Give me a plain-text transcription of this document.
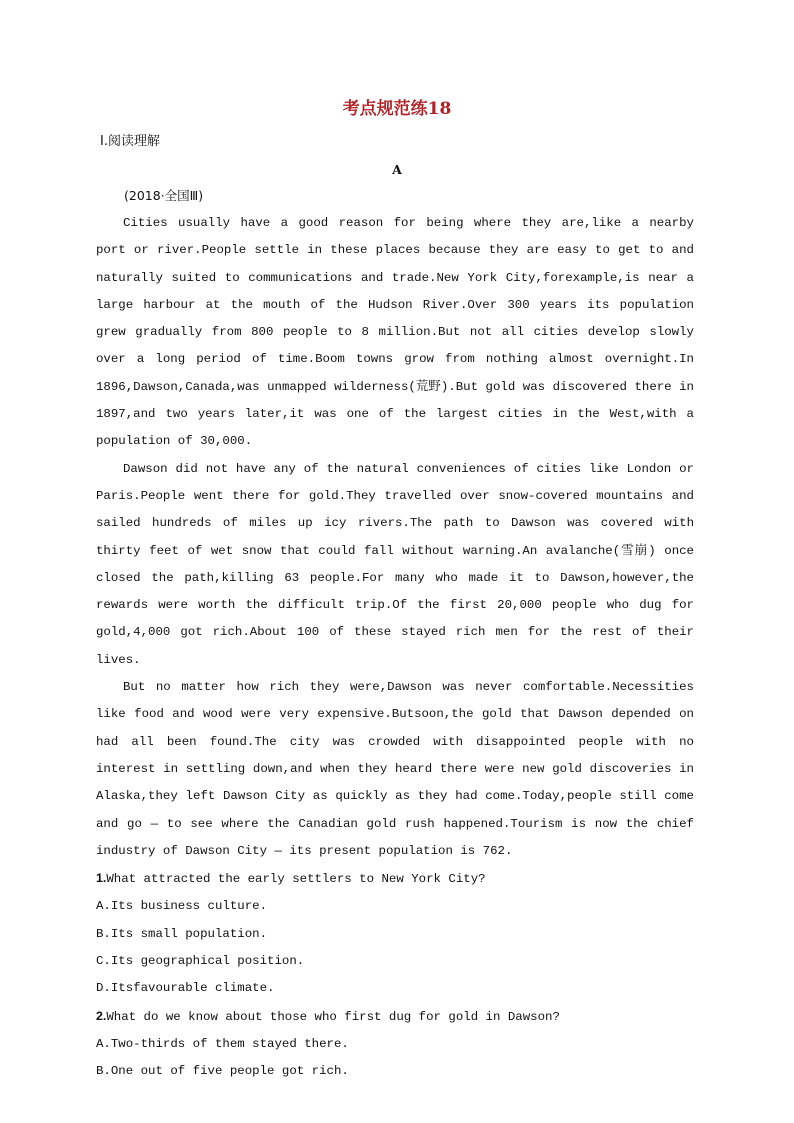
考点规范练18
Ⅰ.阅读理解
A
(2018·全国Ⅲ)

Cities usually have a good reason for being where they are,like a nearby port or river.People settle in these places because they are easy to get to and naturally suited to communications and trade.New York City,forexample,is near a large harbour at the mouth of the Hudson River.Over 300 years its population grew gradually from 800 people to 8 million.But not all cities develop slowly over a long period of time.Boom towns grow from nothing almost overnight.In 1896,Dawson,Canada,was unmapped wilderness(荒野).But gold was discovered there in 1897,and two years later,it was one of the largest cities in the West,with a population of 30,000.

Dawson did not have any of the natural conveniences of cities like London or Paris.People went there for gold.They travelled over snow-covered mountains and sailed hundreds of miles up icy rivers.The path to Dawson was covered with thirty feet of wet snow that could fall without warning.An avalanche(雪崩) once closed the path,killing 63 people.For many who made it to Dawson,however,the rewards were worth the difficult trip.Of the first 20,000 people who dug for gold,4,000 got rich.About 100 of these stayed rich men for the rest of their lives.

But no matter how rich they were,Dawson was never comfortable.Necessities like food and wood were very expensive.Butsoon,the gold that Dawson depended on had all been found.The city was crowded with disappointed people with no interest in settling down,and when they heard there were new gold discoveries in Alaska,they left Dawson City as quickly as they had come.Today,people still come and go — to see where the Canadian gold rush happened.Tourism is now the chief industry of Dawson City — its present population is 762.

1.What attracted the early settlers to New York City?

A.Its business culture.

B.Its small population.

C.Its geographical position.

D.Itsfavourable climate.

2.What do we know about those who first dug for gold in Dawson?

A.Two-thirds of them stayed there.

B.One out of five people got rich.
